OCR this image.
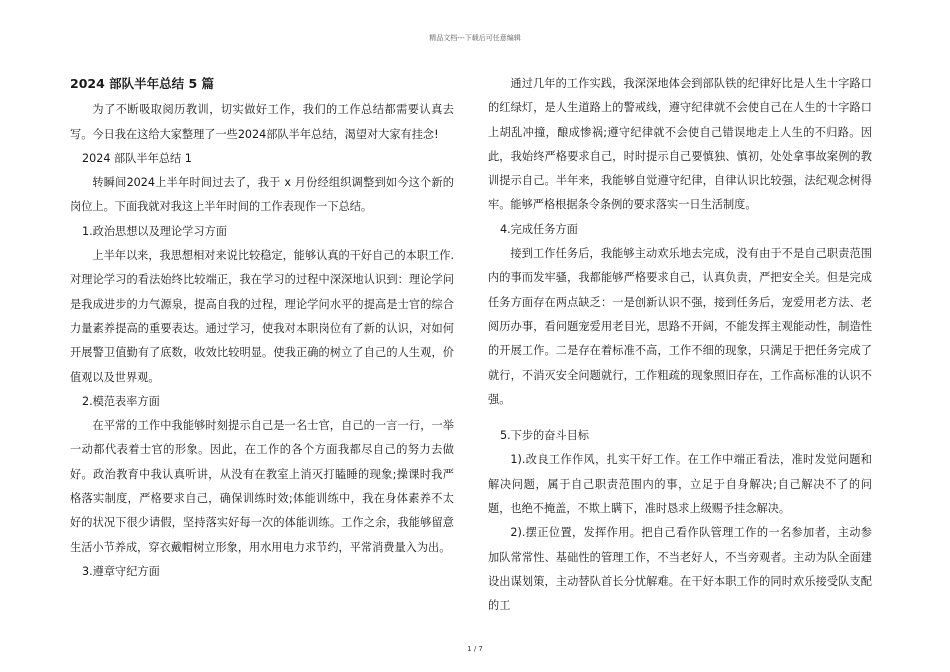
精品文档---下载后可任意编辑

2024 部队半年总结 5 篇

为了不断吸取阅历教训，切实做好工作，我们的工作总结都需要认真去写。今日我在这给大家整理了一些2024部队半年总结，渴望对大家有挂念!

2024 部队半年总结 1

转瞬间2024上半年时间过去了，我于 x 月份经组织调整到如今这个新的岗位上。下面我就对我这上半年时间的工作表现作一下总结。

1.政治思想以及理论学习方面

上半年以来，我思想相对来说比较稳定，能够认真的干好自己的本职工作.对理论学习的看法始终比较端正，我在学习的过程中深深地认识到：理论学问是我成进步的力气源泉，提高自我的过程，理论学问水平的提高是士官的综合力量素养提高的重要表达。通过学习，使我对本职岗位有了新的认识，对如何开展警卫值勤有了底数，收效比较明显。使我正确的树立了自己的人生观，价值观以及世界观。

2.模范表率方面

在平常的工作中我能够时刻提示自己是一名士官，自己的一言一行，一举一动都代表着士官的形象。因此，在工作的各个方面我都尽自己的努力去做好。政治教育中我认真听讲，从没有在教室上消灭打瞌睡的现象;操课时我严格落实制度，严格要求自己，确保训练时效;体能训练中，我在身体素养不太好的状况下很少请假，坚持落实好每一次的体能训练。工作之余，我能够留意生活小节养成，穿衣戴帽树立形象，用水用电力求节约，平常消费量入为出。

3.遵章守纪方面

通过几年的工作实践，我深深地体会到部队铁的纪律好比是人生十字路口的红绿灯，是人生道路上的警戒线，遵守纪律就不会使自己在人生的十字路口上胡乱冲撞，酿成惨祸;遵守纪律就不会使自己错误地走上人生的不归路。因此，我始终严格要求自己，时时提示自己要慎独、慎初，处处拿事故案例的教训提示自己。半年来，我能够自觉遵守纪律，自律认识比较强，法纪观念树得牢。能够严格根据条令条例的要求落实一日生活制度。

4.完成任务方面

接到工作任务后，我能够主动欢乐地去完成，没有由于不是自己职责范围内的事而发牢骚，我都能够严格要求自己，认真负责，严把安全关。但是完成任务方面存在两点缺乏：一是创新认识不强，接到任务后，宠爱用老方法、老阅历办事，看问题宠爱用老目光，思路不开阔，不能发挥主观能动性，制造性的开展工作。二是存在着标准不高，工作不细的现象，只满足于把任务完成了就行，不消灭安全问题就行，工作粗疏的现象照旧存在，工作高标准的认识不强。

5.下步的奋斗目标

1).改良工作作风，扎实干好工作。在工作中端正看法，准时发觉问题和解决问题，属于自己职责范围内的事，立足于自身解决;自己解决不了的问题，也绝不掩盖，不欺上瞒下，准时恳求上级赐予挂念解决。

2).摆正位置，发挥作用。把自己看作队管理工作的一名参加者，主动参加队常常性、基础性的管理工作，不当老好人，不当旁观者。主动为队全面建设出谋划策，主动替队首长分忧解难。在干好本职工作的同时欢乐接受队支配的工

1 / 7
